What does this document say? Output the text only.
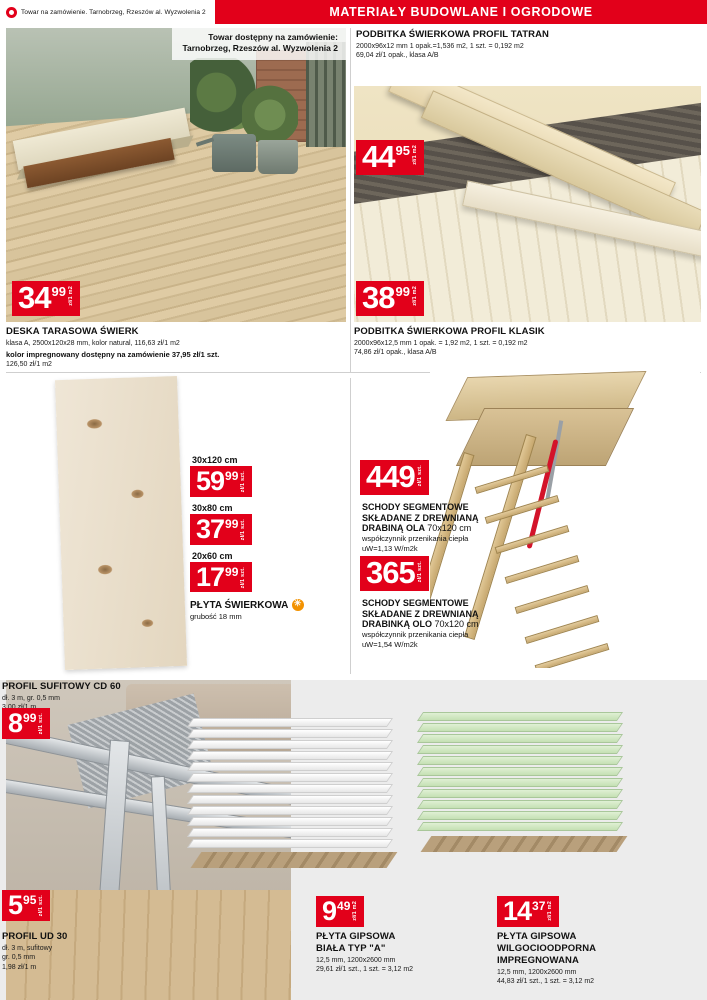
Towar na zamówienie. Tarnobrzeg, Rzeszów al. Wyzwolenia 2	MATERIAŁY BUDOWLANE I OGRODOWE
Towar dostępny na zamówienie:
Tarnobrzeg, Rzeszów al. Wyzwolenia 2
34 99 zł/1 m2

DESKA TARASOWA ŚWIERK

klasa A, 2500x120x28 mm, kolor natural, 116,63 zł/1 m2

kolor impregnowany dostępny na zamówienie 37,95 zł/1 szt.

126,50 zł/1 m2

PODBITKA ŚWIERKOWA PROFIL TATRAN

2000x96x12 mm 1 opak.=1,536 m2, 1 szt. = 0,192 m2

69,04 zł/1 opak., klasa A/B

44 95 zł/1 m2
38 99 zł/1 m2

PODBITKA ŚWIERKOWA PROFIL KLASIK

2000x96x12,5 mm 1 opak. = 1,92 m2, 1 szt. = 0,192 m2

74,86 zł/1 opak., klasa A/B

30x120 cm
59 99 zł/1 szt.
30x80 cm
37 99 zł/1 szt.
20x60 cm
17 99 zł/1 szt.
PŁYTA ŚWIERKOWA
✳
grubość 18 mm
449 zł/1 szt.
SCHODY SEGMENTOWE
SKŁADANE Z DREWNIANĄ
DRABINĄ OLA 70x120 cm
współczynnik przenikania ciepła
uW=1,13 W/m2k
365 zł/1 szt.
SCHODY SEGMENTOWE
SKŁADANE Z DREWNIANĄ
DRABINKĄ OLO 70x120 cm
współczynnik przenikania ciepła
uW=1,54 W/m2k

PROFIL SUFITOWY CD 60

dł. 3 m, gr. 0,5 mm

8 99 zł/1 szt.
5 95 zł/1 szt.

PROFIL UD 30

dł. 3 m, sufitowy

gr. 0,5 mm

1,98 zł/1 m

9 49 zł/1 m2

PŁYTA GIPSOWA

BIAŁA TYP "A"

12,5 mm, 1200x2600 mm

29,61 zł/1 szt., 1 szt. = 3,12 m2

14 37 zł/1 m2

PŁYTA GIPSOWA

WILGOCIOODPORNA

IMPREGNOWANA

12,5 mm, 1200x2600 mm

44,83 zł/1 szt., 1 szt. = 3,12 m2
